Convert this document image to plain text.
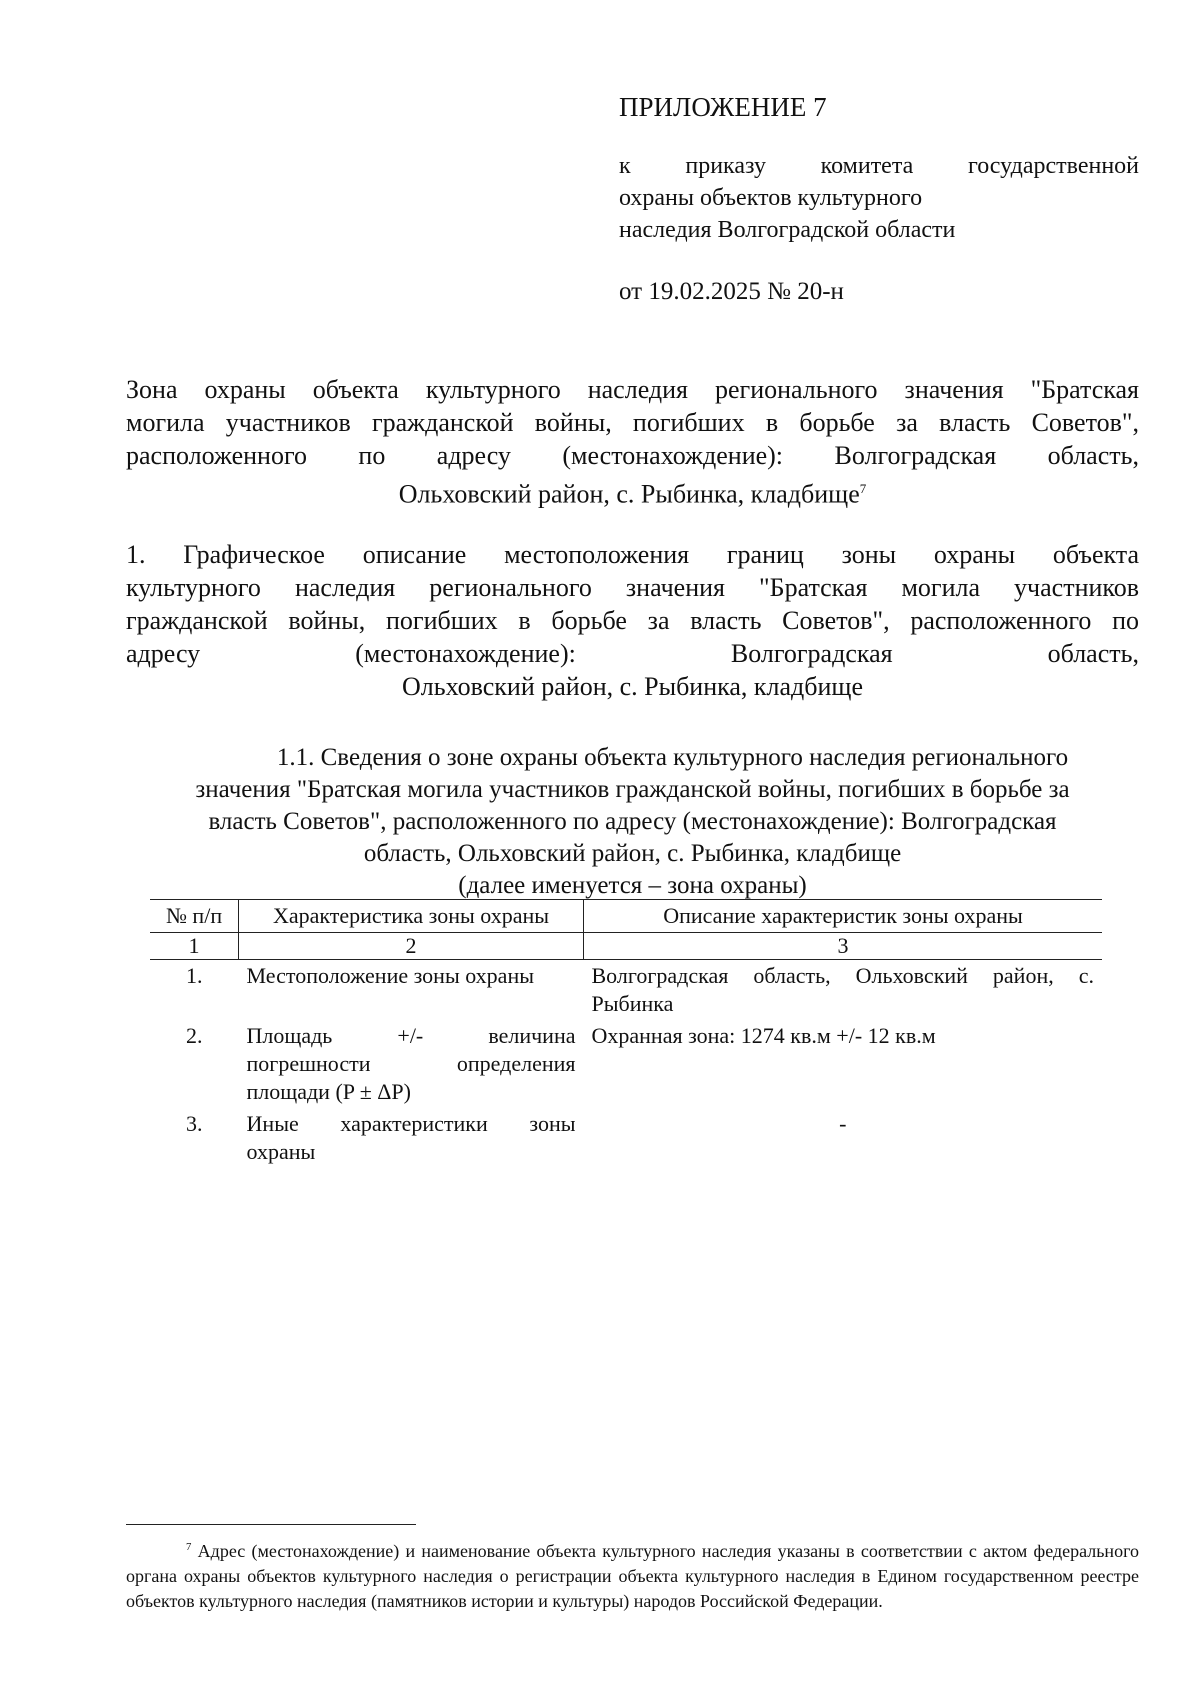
ПРИЛОЖЕНИЕ 7
к приказу комитета государственной
охраны объектов культурного
наследия Волгоградской области
от 19.02.2025 № 20-н
Зона охраны объекта культурного наследия регионального значения "Братская
могила участников гражданской войны, погибших в борьбе за власть Советов",
расположенного по адресу (местонахождение): Волгоградская область,
Ольховский район, с. Рыбинка, кладбище$^7$
1. Графическое описание местоположения границ зоны охраны объекта
культурного наследия регионального значения "Братская могила участников
гражданской войны, погибших в борьбе за власть Советов", расположенного по
адресу	(местонахождение):	Волгоградская	область,
Ольховский район, с. Рыбинка, кладбище
1.1. Сведения о зоне охраны объекта культурного наследия регионального
значения "Братская могила участников гражданской войны, погибших в борьбе за
власть Советов", расположенного по адресу (местонахождение): Волгоградская
область, Ольховский район, с. Рыбинка, кладбище
(далее именуется – зона охраны)
№ п/п	Характеристика зоны охраны	Описание характеристик зоны охраны
1	2	3
1.	Местоположение зоны охраны	Волгоградская область, Ольховский район, с. Рыбинка
2.	Площадь +/- величина погрешности определения площади (P ± ΔP)	Охранная зона: 1274 кв.м +/- 12 кв.м
3.	Иные характеристики зоны охраны	-
$^7$ Адрес (местонахождение) и наименование объекта культурного наследия указаны в соответствии с актом федерального органа охраны объектов культурного наследия о регистрации объекта культурного наследия в Едином государственном реестре объектов культурного наследия (памятников истории и культуры) народов Российской Федерации.
